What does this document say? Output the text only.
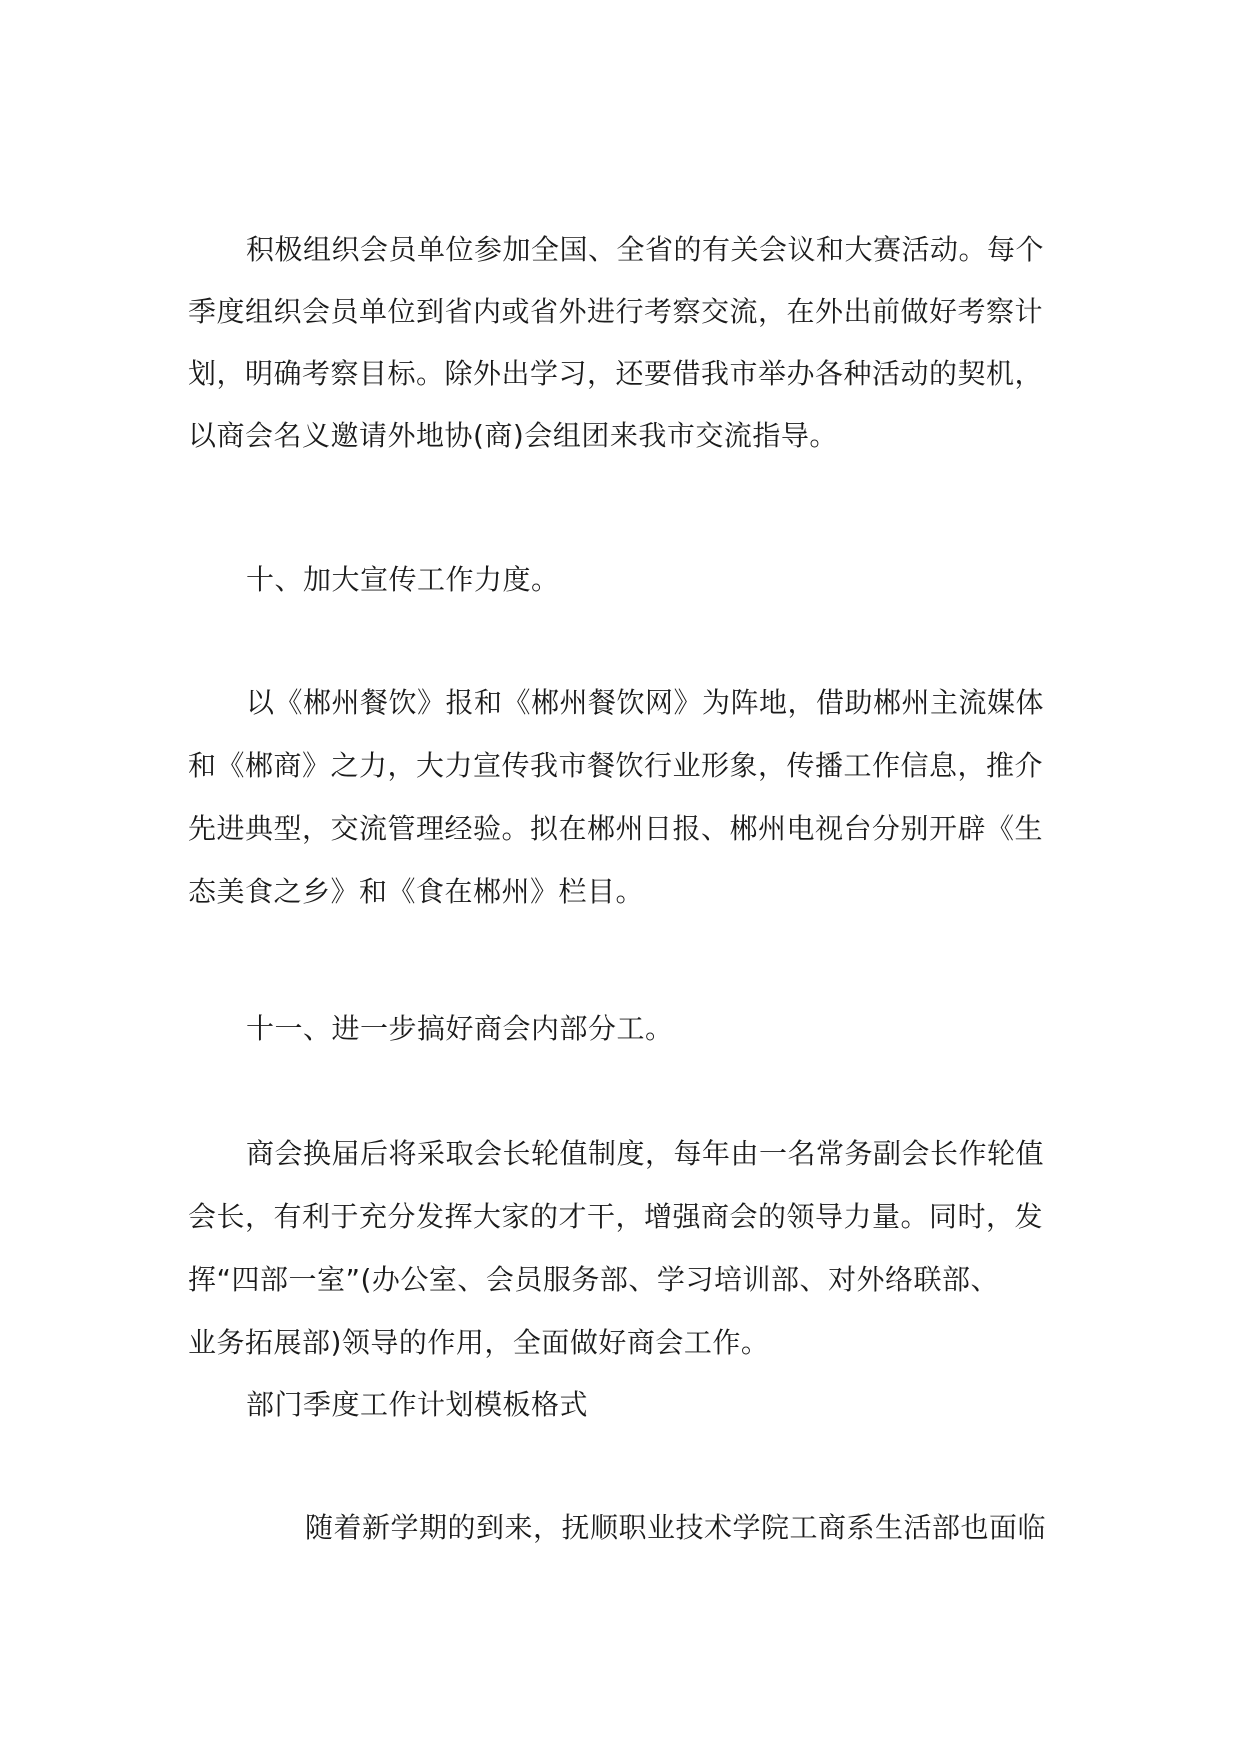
积极组织会员单位参加全国、全省的有关会议和大赛活动。每个

季度组织会员单位到省内或省外进行考察交流，在外出前做好考察计

划，明确考察目标。除外出学习，还要借我市举办各种活动的契机，

以商会名义邀请外地协(商)会组团来我市交流指导。

十、加大宣传工作力度。

以《郴州餐饮》报和《郴州餐饮网》为阵地，借助郴州主流媒体

和《郴商》之力，大力宣传我市餐饮行业形象，传播工作信息，推介

先进典型，交流管理经验。拟在郴州日报、郴州电视台分别开辟《生

态美食之乡》和《食在郴州》栏目。

十一、进一步搞好商会内部分工。

商会换届后将采取会长轮值制度，每年由一名常务副会长作轮值

会长，有利于充分发挥大家的才干，增强商会的领导力量。同时，发

挥“四部一室”(办公室、会员服务部、学习培训部、对外络联部、

业务拓展部)领导的作用，全面做好商会工作。

部门季度工作计划模板格式

随着新学期的到来，抚顺职业技术学院工商系生活部也面临
